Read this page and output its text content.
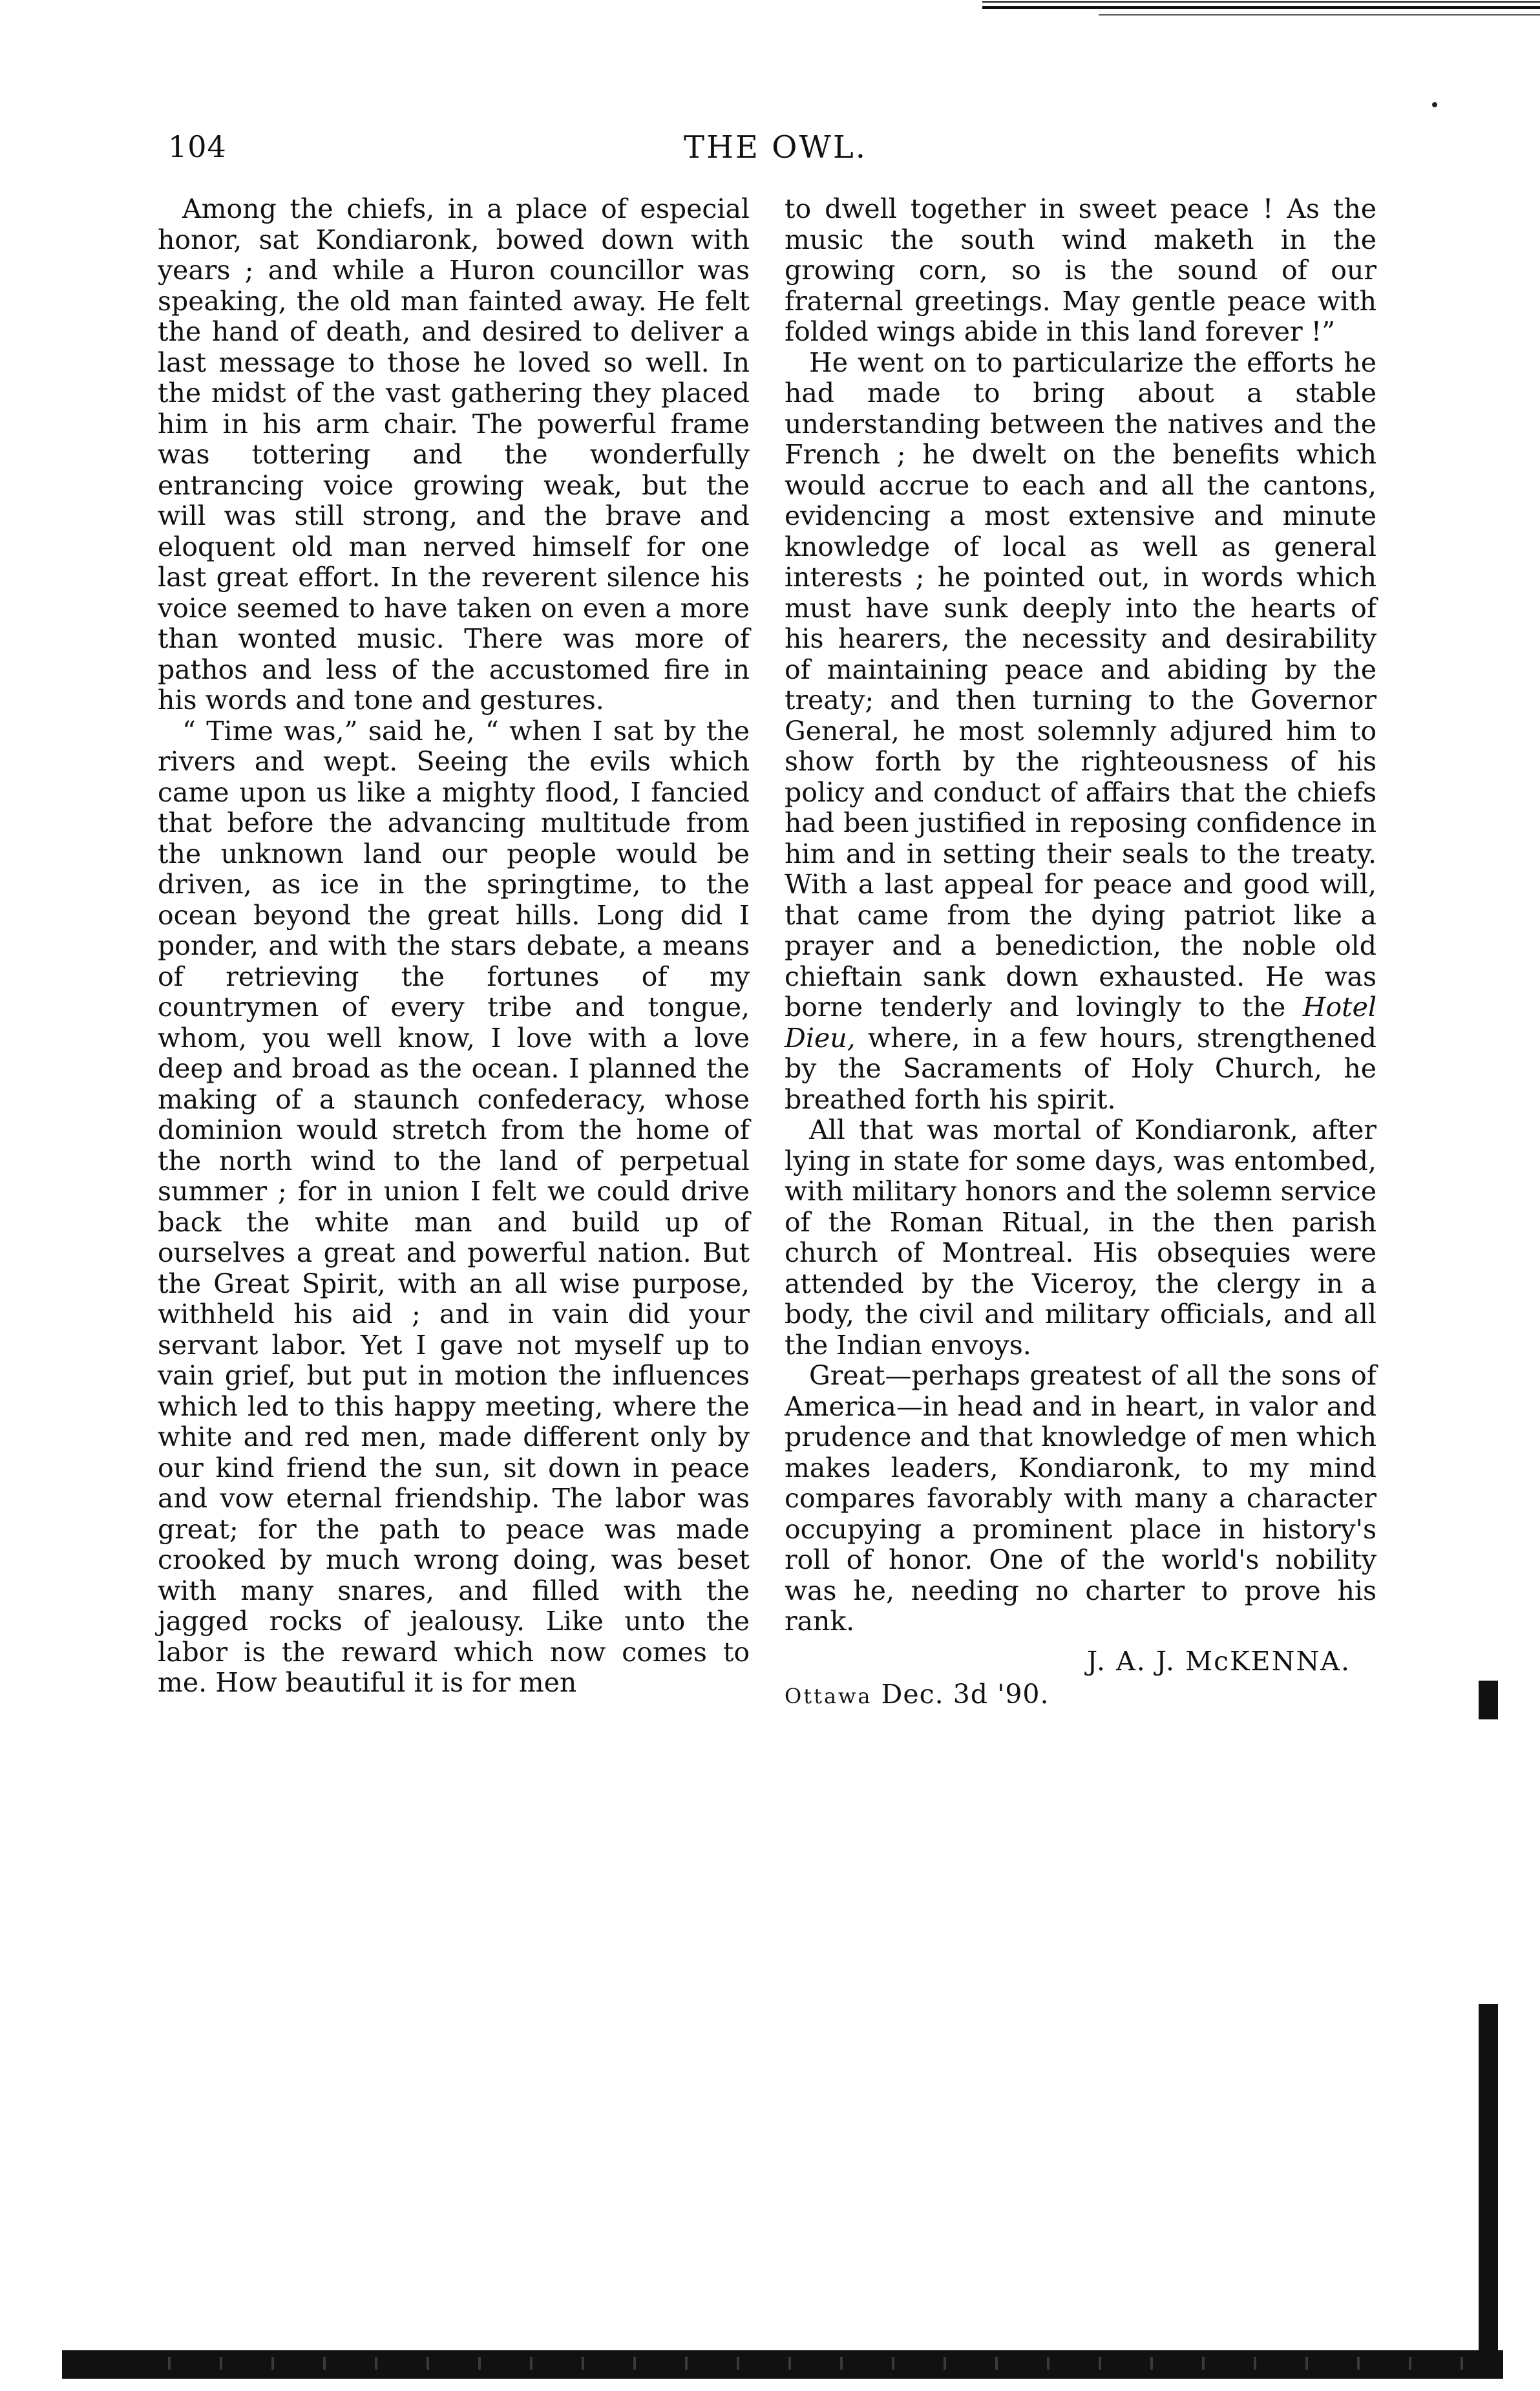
104	THE OWL.

Among the chiefs, in a place of especial honor, sat Kondiaronk, bowed down with years ; and while a Huron councillor was speaking, the old man fainted away. He felt the hand of death, and desired to deliver a last message to those he loved so well. In the midst of the vast gathering they placed him in his arm chair. The powerful frame was tottering and the wonderfully entrancing voice growing weak, but the will was still strong, and the brave and eloquent old man nerved himself for one last great effort. In the reverent silence his voice seemed to have taken on even a more than wonted music. There was more of pathos and less of the accustomed fire in his words and tone and gestures.

“ Time was,” said he, “ when I sat by the rivers and wept. Seeing the evils which came upon us like a mighty flood, I fancied that before the advancing multitude from the unknown land our people would be driven, as ice in the springtime, to the ocean beyond the great hills. Long did I ponder, and with the stars debate, a means of retrieving the fortunes of my countrymen of every tribe and tongue, whom, you well know, I love with a love deep and broad as the ocean. I planned the making of a staunch confederacy, whose dominion would stretch from the home of the north wind to the land of perpetual summer ; for in union I felt we could drive back the white man and build up of ourselves a great and powerful nation. But the Great Spirit, with an all wise purpose, withheld his aid ; and in vain did your servant labor. Yet I gave not myself up to vain grief, but put in motion the influences which led to this happy meeting, where the white and red men, made different only by our kind friend the sun, sit down in peace and vow eternal friendship. The labor was great; for the path to peace was made crooked by much wrong doing, was beset with many snares, and filled with the jagged rocks of jealousy. Like unto the labor is the reward which now comes to me. How beautiful it is for men

to dwell together in sweet peace ! As the music the south wind maketh in the growing corn, so is the sound of our fraternal greetings. May gentle peace with folded wings abide in this land forever !”

He went on to particularize the efforts he had made to bring about a stable understanding between the natives and the French ; he dwelt on the benefits which would accrue to each and all the cantons, evidencing a most extensive and minute knowledge of local as well as general interests ; he pointed out, in words which must have sunk deeply into the hearts of his hearers, the necessity and desirability of maintaining peace and abiding by the treaty; and then turning to the Governor General, he most solemnly adjured him to show forth by the righteousness of his policy and conduct of affairs that the chiefs had been justified in reposing confidence in him and in setting their seals to the treaty. With a last appeal for peace and good will, that came from the dying patriot like a prayer and a benediction, the noble old chieftain sank down exhausted. He was borne tenderly and lovingly to the Hotel Dieu, where, in a few hours, strengthened by the Sacraments of Holy Church, he breathed forth his spirit.

All that was mortal of Kondiaronk, after lying in state for some days, was entombed, with military honors and the solemn service of the Roman Ritual, in the then parish church of Montreal. His obsequies were attended by the Viceroy, the clergy in a body, the civil and military officials, and all the Indian envoys.

Great—perhaps greatest of all the sons of America—in head and in heart, in valor and prudence and that knowledge of men which makes leaders, Kondiaronk, to my mind compares favorably with many a character occupying a prominent place in history's roll of honor. One of the world's nobility was he, needing no charter to prove his rank.

J. A. J. McKENNA.
Ottawa Dec. 3d '90.
